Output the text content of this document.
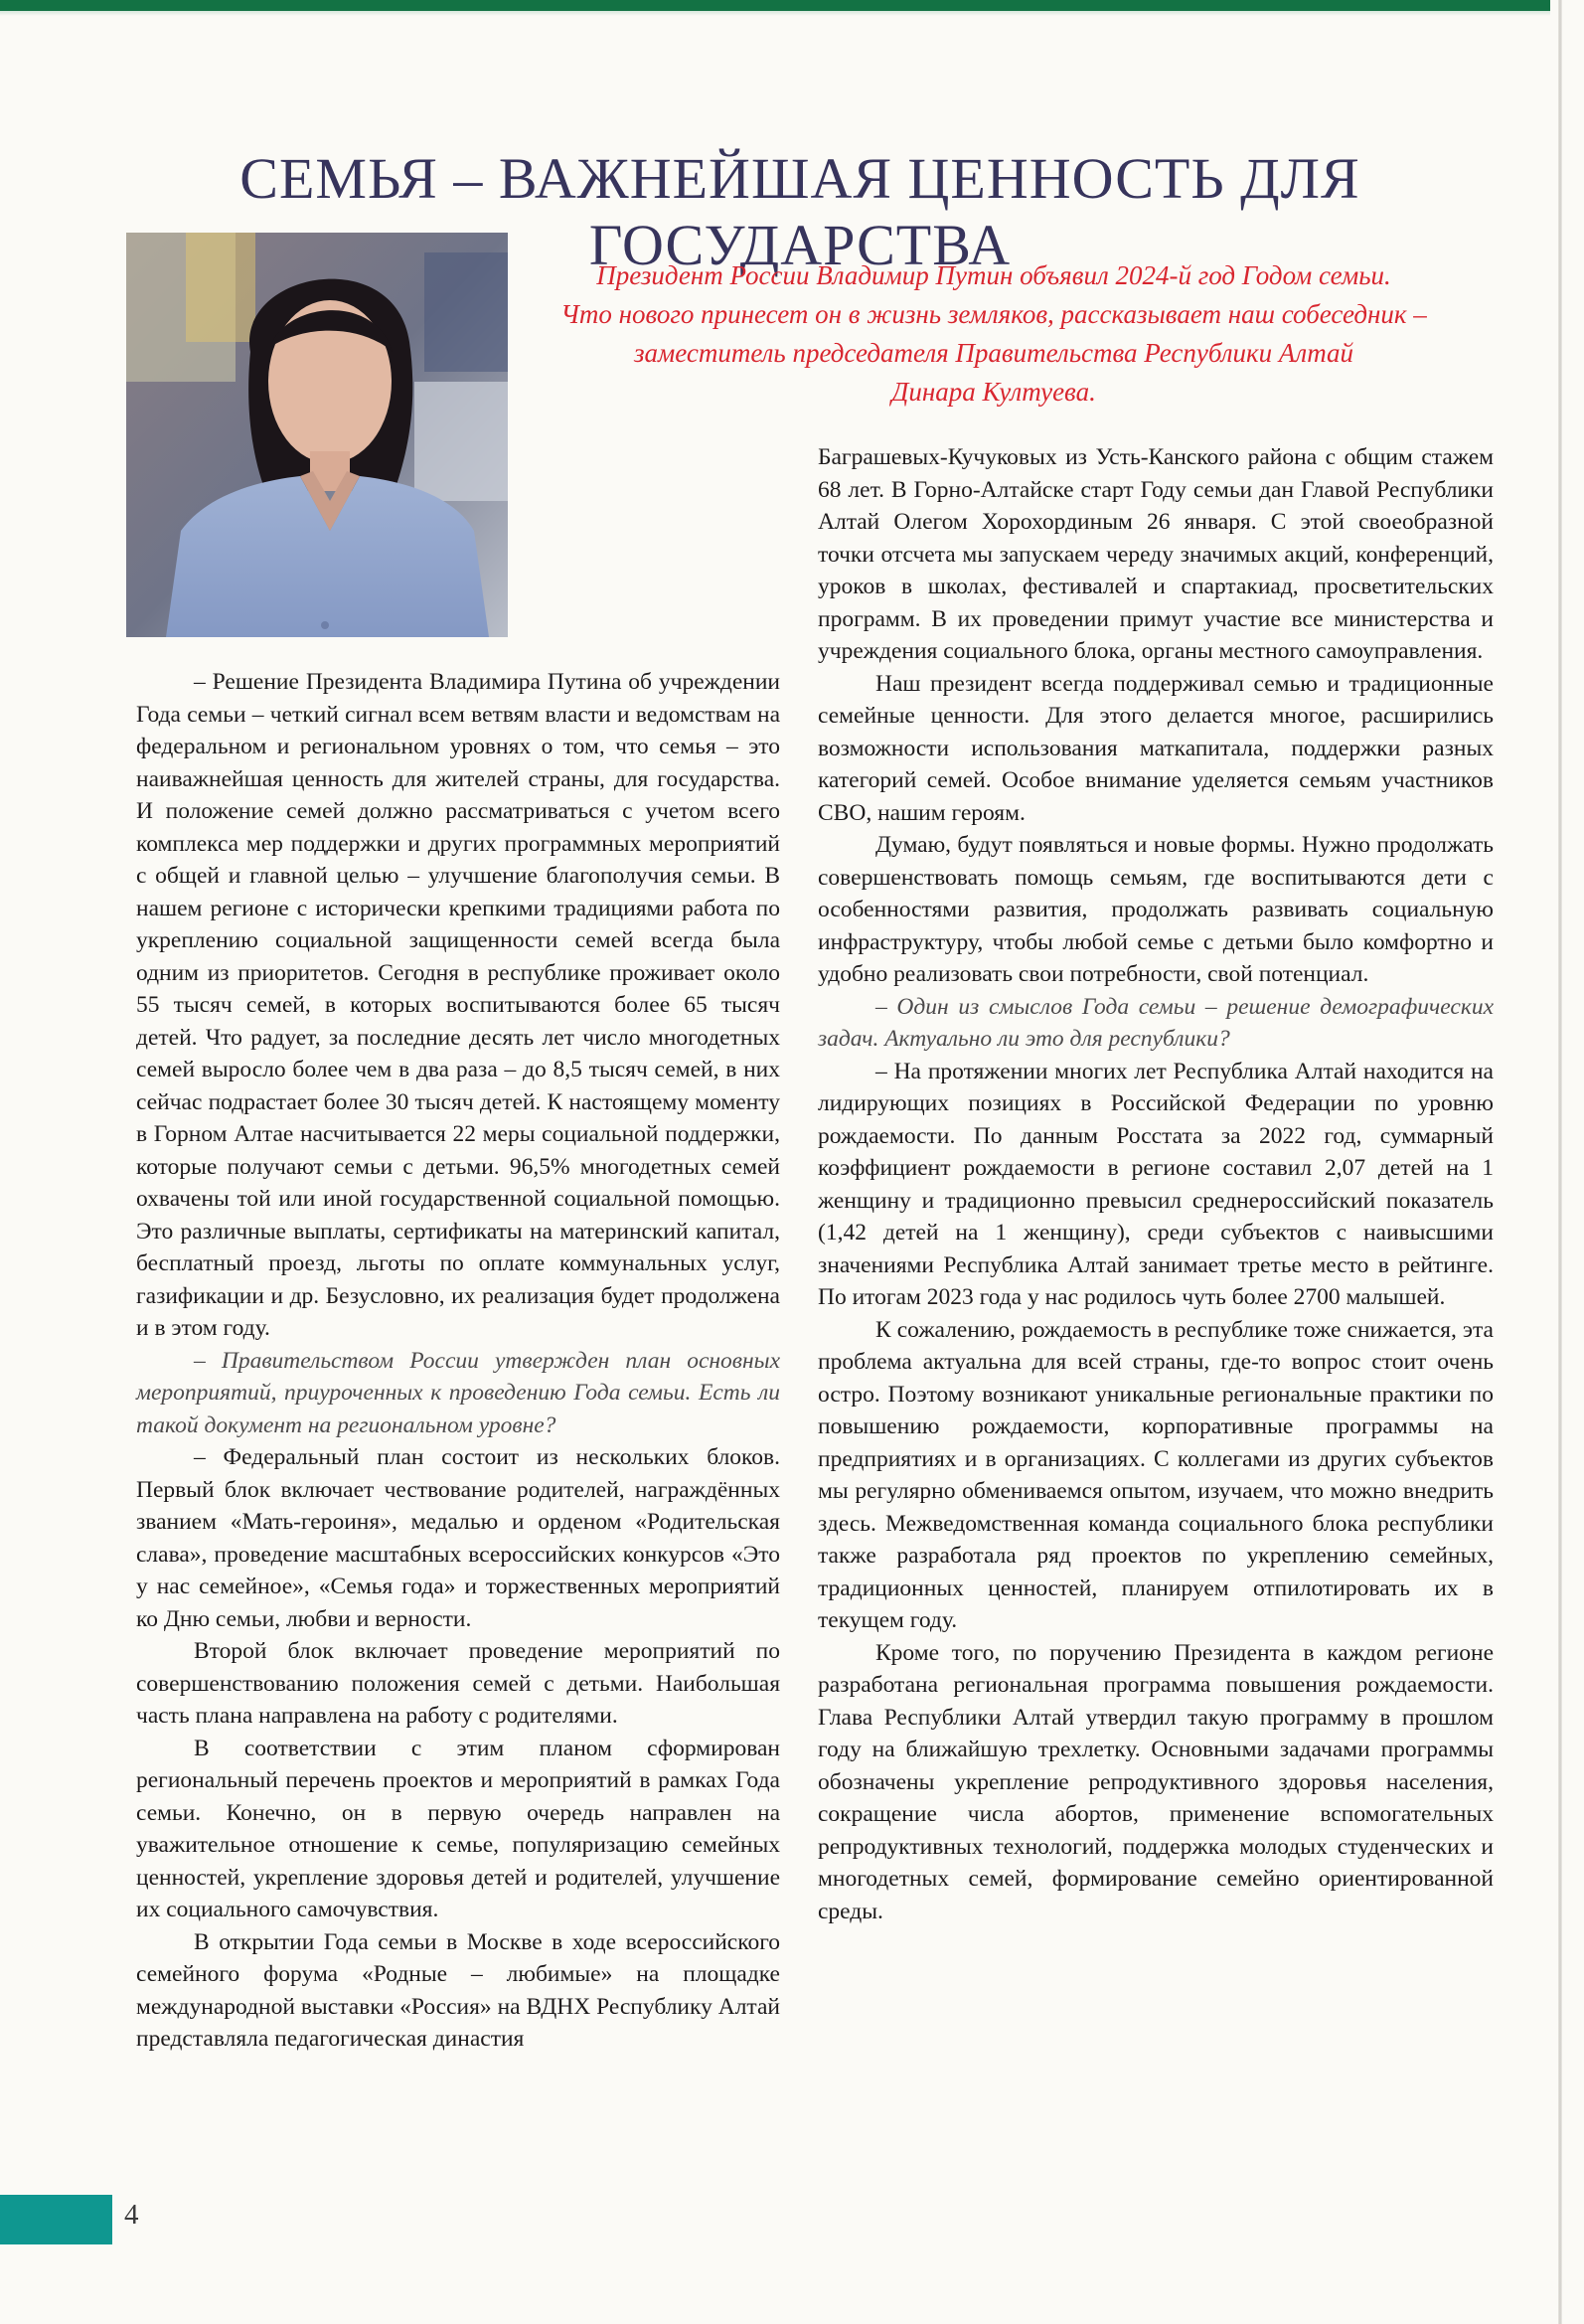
СЕМЬЯ – ВАЖНЕЙШАЯ ЦЕННОСТЬ ДЛЯ ГОСУДАРСТВА
Президент России Владимир Путин объявил 2024-й год Годом семьи.
Что нового принесет он в жизнь земляков, рассказывает наш собеседник –
заместитель председателя Правительства Республики Алтай
Динара Култуева.

– Решение Президента Владимира Путина об учреждении Года семьи – четкий сигнал всем ветвям власти и ведомствам на федеральном и региональном уровнях о том, что семья – это наиважнейшая ценность для жителей страны, для государства. И положение семей должно рассматриваться с учетом всего комплекса мер поддержки и других программных мероприятий с общей и главной целью – улучшение благополучия семьи. В нашем регионе с исторически крепкими традициями работа по укреплению социальной защищенности семей всегда была одним из приоритетов. Сегодня в республике проживает около 55 тысяч семей, в которых воспитываются более 65 тысяч детей. Что радует, за последние десять лет число многодетных семей выросло более чем в два раза – до 8,5 тысяч семей, в них сейчас подрастает более 30 тысяч детей. К настоящему моменту в Горном Алтае насчитывается 22 меры социальной поддержки, которые получают семьи с детьми. 96,5% многодетных семей охвачены той или иной государственной социальной помощью. Это различные выплаты, сертификаты на материнский капитал, бесплатный проезд, льготы по оплате коммунальных услуг, газификации и др. Безусловно, их реализация будет продолжена и в этом году.

– Правительством России утвержден план основных мероприятий, приуроченных к проведению Года семьи. Есть ли такой документ на региональном уровне?

– Федеральный план состоит из нескольких блоков. Первый блок включает чествование родителей, награждённых званием «Мать-героиня», медалью и орденом «Родительская слава», проведение масштабных всероссийских конкурсов «Это у нас семейное», «Семья года» и торжественных мероприятий ко Дню семьи, любви и верности.

Второй блок включает проведение мероприятий по совершенствованию положения семей с детьми. Наибольшая часть плана направлена на работу с родителями.

В соответствии с этим планом сформирован региональный перечень проектов и мероприятий в рамках Года семьи. Конечно, он в первую очередь направлен на уважительное отношение к семье, популяризацию семейных ценностей, укрепление здоровья детей и родителей, улучшение их социального самочувствия.

В открытии Года семьи в Москве в ходе всероссийского семейного форума «Родные – любимые» на площадке международной выставки «Россия» на ВДНХ Республику Алтай представляла педагогическая династия

Баграшевых-Кучуковых из Усть-Канского района с общим стажем 68 лет. В Горно-Алтайске старт Году семьи дан Главой Республики Алтай Олегом Хорохординым 26 января. С этой своеобразной точки отсчета мы запускаем череду значимых акций, конференций, уроков в школах, фестивалей и спартакиад, просветительских программ. В их проведении примут участие все министерства и учреждения социального блока, органы местного самоуправления.

Наш президент всегда поддерживал семью и традиционные семейные ценности. Для этого делается многое, расширились возможности использования маткапитала, поддержки разных категорий семей. Особое внимание уделяется семьям участников СВО, нашим героям.

Думаю, будут появляться и новые формы. Нужно продолжать совершенствовать помощь семьям, где воспитываются дети с особенностями развития, продолжать развивать социальную инфраструктуру, чтобы любой семье с детьми было комфортно и удобно реализовать свои потребности, свой потенциал.

– Один из смыслов Года семьи – решение демографических задач. Актуально ли это для республики?

– На протяжении многих лет Республика Алтай находится на лидирующих позициях в Российской Федерации по уровню рождаемости. По данным Росстата за 2022 год, суммарный коэффициент рождаемости в регионе составил 2,07 детей на 1 женщину и традиционно превысил среднероссийский показатель (1,42 детей на 1 женщину), среди субъектов с наивысшими значениями Республика Алтай занимает третье место в рейтинге. По итогам 2023 года у нас родилось чуть более 2700 малышей.

К сожалению, рождаемость в республике тоже снижается, эта проблема актуальна для всей страны, где-то вопрос стоит очень остро. Поэтому возникают уникальные региональные практики по повышению рождаемости, корпоративные программы на предприятиях и в организациях. С коллегами из других субъектов мы регулярно обмениваемся опытом, изучаем, что можно внедрить здесь. Межведомственная команда социального блока республики также разработала ряд проектов по укреплению семейных, традиционных ценностей, планируем отпилотировать их в текущем году.

Кроме того, по поручению Президента в каждом регионе разработана региональная программа повышения рождаемости. Глава Республики Алтай утвердил такую программу в прошлом году на ближайшую трехлетку. Основными задачами программы обозначены укрепление репродуктивного здоровья населения, сокращение числа абортов, применение вспомогательных репродуктивных технологий, поддержка молодых студенческих и многодетных семей, формирование семейно ориентированной среды.

4
